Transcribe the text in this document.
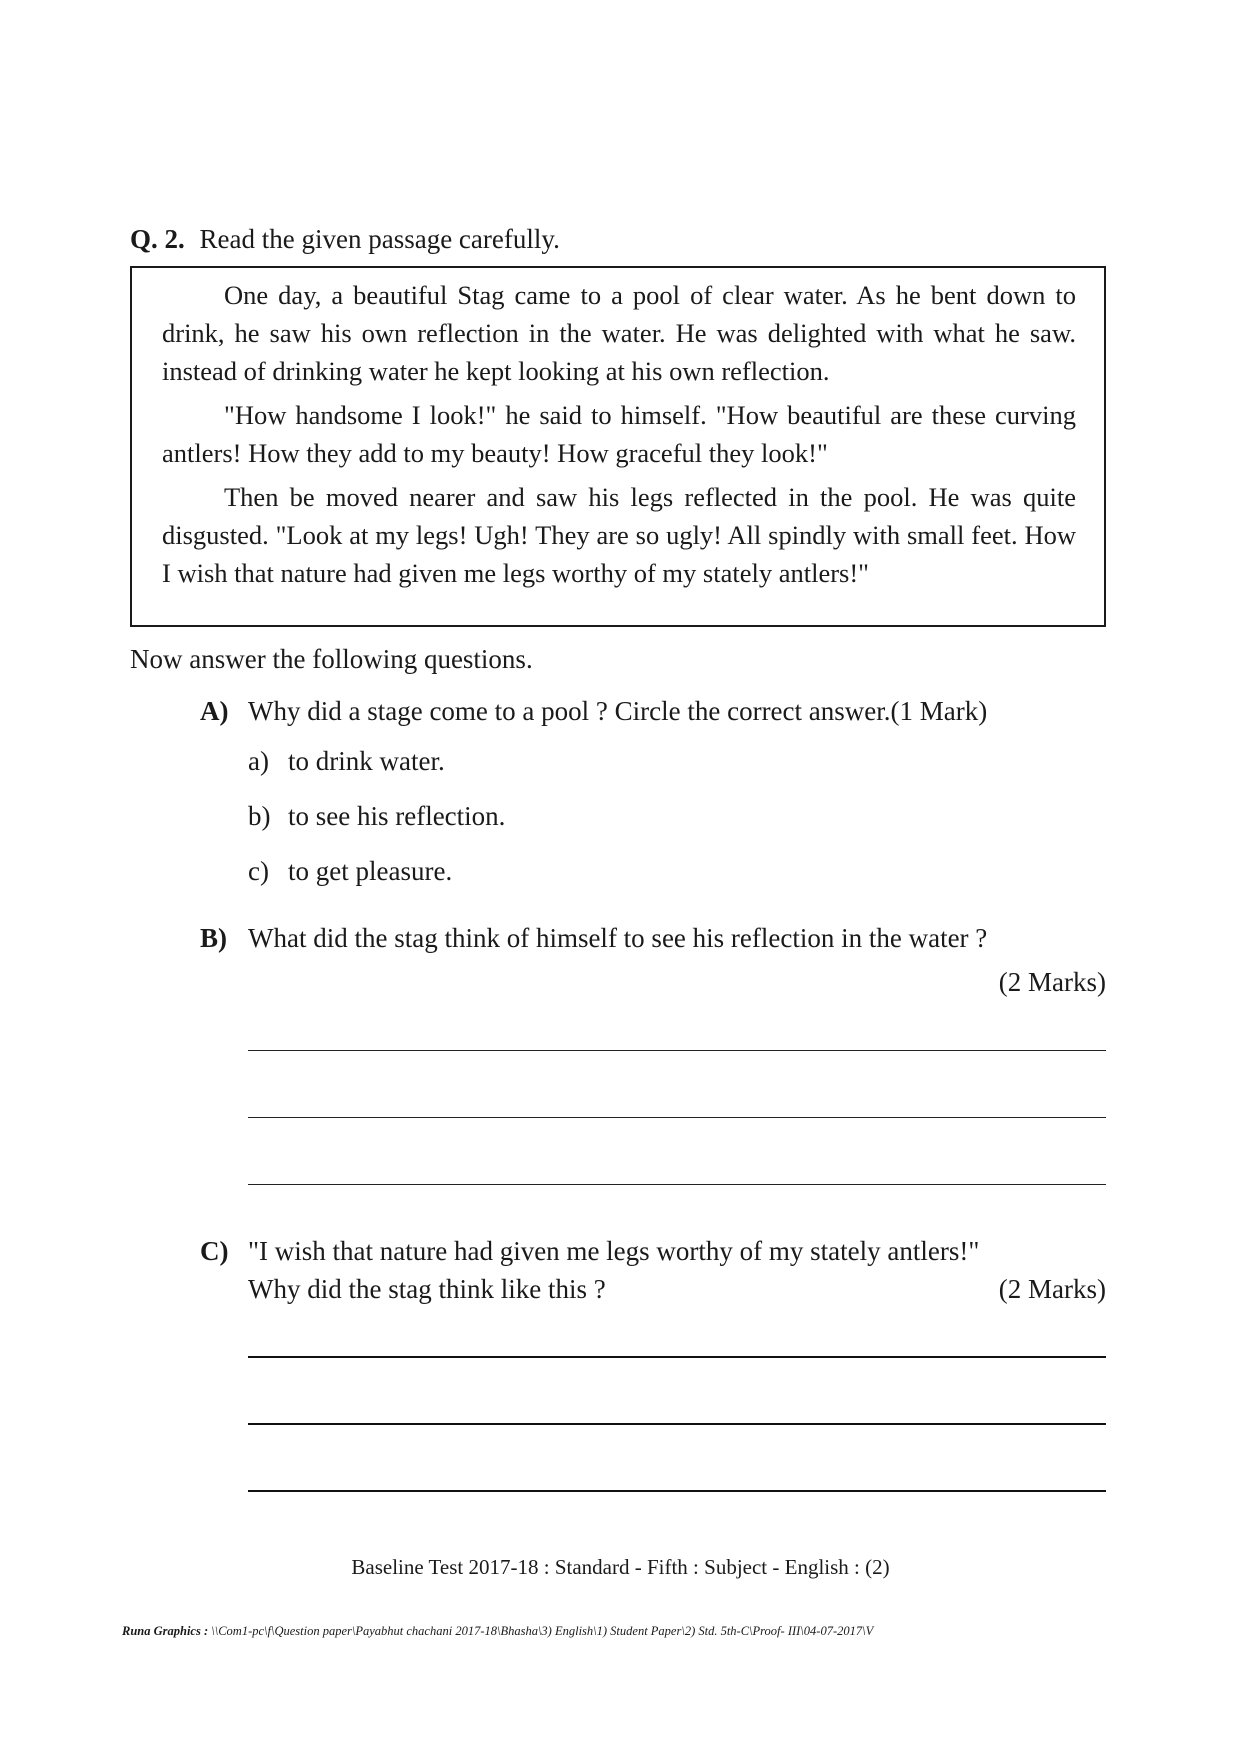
Q. 2. Read the given passage carefully.

One day, a beautiful Stag came to a pool of clear water. As he bent down to drink, he saw his own reflection in the water. He was delighted with what he saw. instead of drinking water he kept looking at his own reflection.

"How handsome I look!" he said to himself. "How beautiful are these curving antlers! How they add to my beauty! How graceful they look!"

Then be moved nearer and saw his legs reflected in the pool. He was quite disgusted. "Look at my legs! Ugh! They are so ugly! All spindly with small feet. How I wish that nature had given me legs worthy of my stately antlers!"

Now answer the following questions.
A) Why did a stage come to a pool ? Circle the correct answer.(1 Mark)
a) to drink water.
b) to see his reflection.
c) to get pleasure.
B) What did the stag think of himself to see his reflection in the water ?
(2 Marks)
C) "I wish that nature had given me legs worthy of my stately antlers!"
Why did the stag think like this ?	(2 Marks)
Baseline Test 2017-18 : Standard - Fifth : Subject - English : (2)
Runa Graphics : \\Com1-pc\f\Question paper\Payabhut chachani 2017-18\Bhasha\3) English\1) Student Paper\2) Std. 5th-C\Proof- III\04-07-2017\V
